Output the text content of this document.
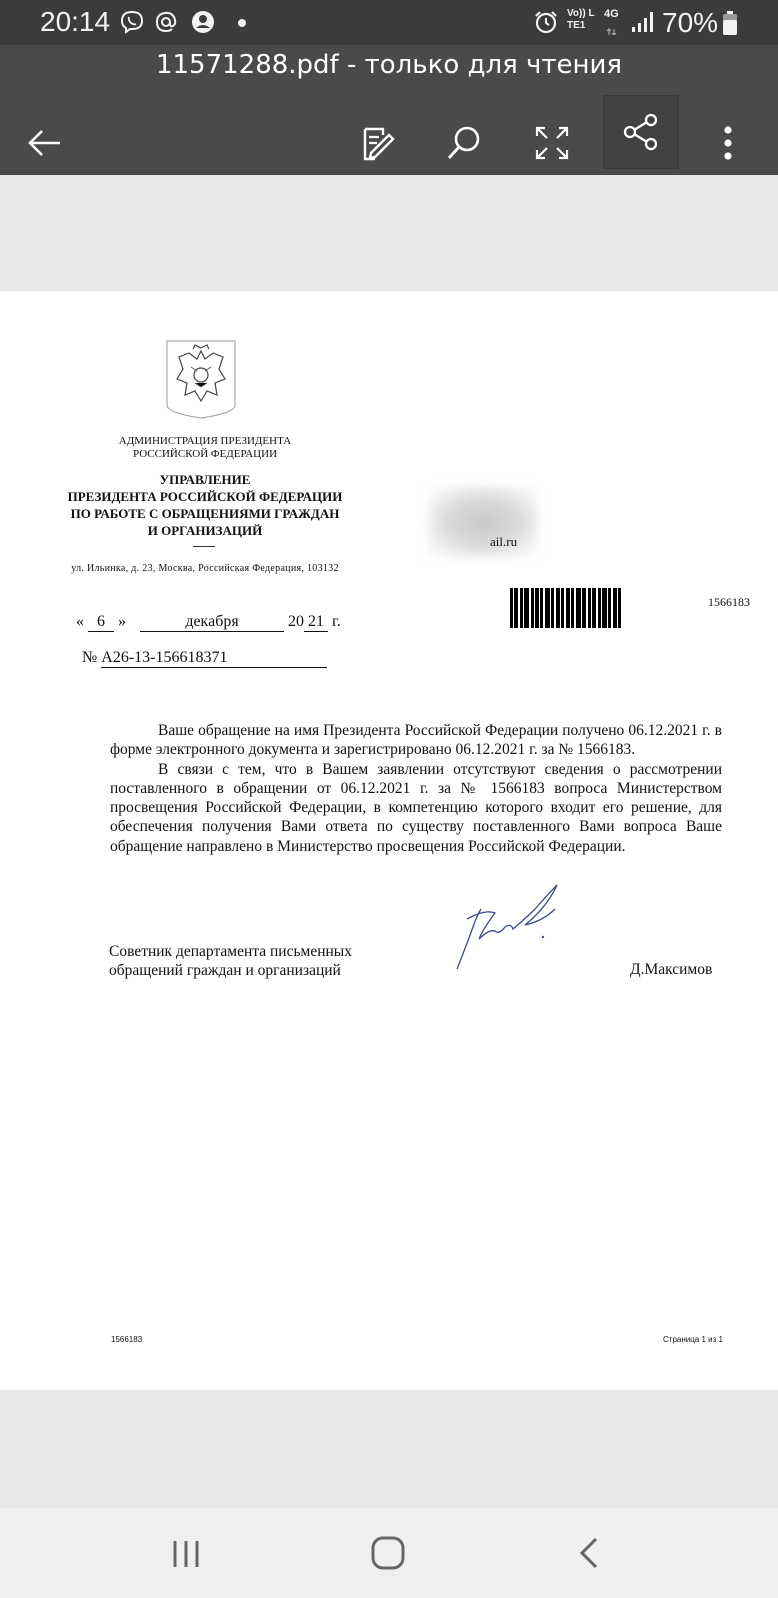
20:14	Vo)) LTE1
4G 70%
11571288.pdf - только для чтения
АДМИНИСТРАЦИЯ ПРЕЗИДЕНТА
РОССИЙСКОЙ ФЕДЕРАЦИИ
УПРАВЛЕНИЕ
ПРЕЗИДЕНТА РОССИЙСКОЙ ФЕДЕРАЦИИ
ПО РАБОТЕ С ОБРАЩЕНИЯМИ ГРАЖДАН
И ОРГАНИЗАЦИЙ
ул. Ильинка, д. 23, Москва, Российская Федерация, 103132
ail.ru
1566183
« 6 »	декабря	20 21 г.
№ А26-13-156618371

Ваше обращение на имя Президента Российской Федерации получено 06.12.2021 г. в форме электронного документа и зарегистрировано 06.12.2021 г. за № 1566183.

В связи с тем, что в Вашем заявлении отсутствуют сведения о рассмотрении поставленного в обращении от 06.12.2021 г. за № 1566183 вопроса Министерством просвещения Российской Федерации, в компетенцию которого входит его решение, для обеспечения получения Вами ответа по существу поставленного Вами вопроса Ваше обращение направлено в Министерство просвещения Российской Федерации.

Советник департамента письменных
обращений граждан и организаций	Д.Максимов
1566183	Страница 1 из 1
